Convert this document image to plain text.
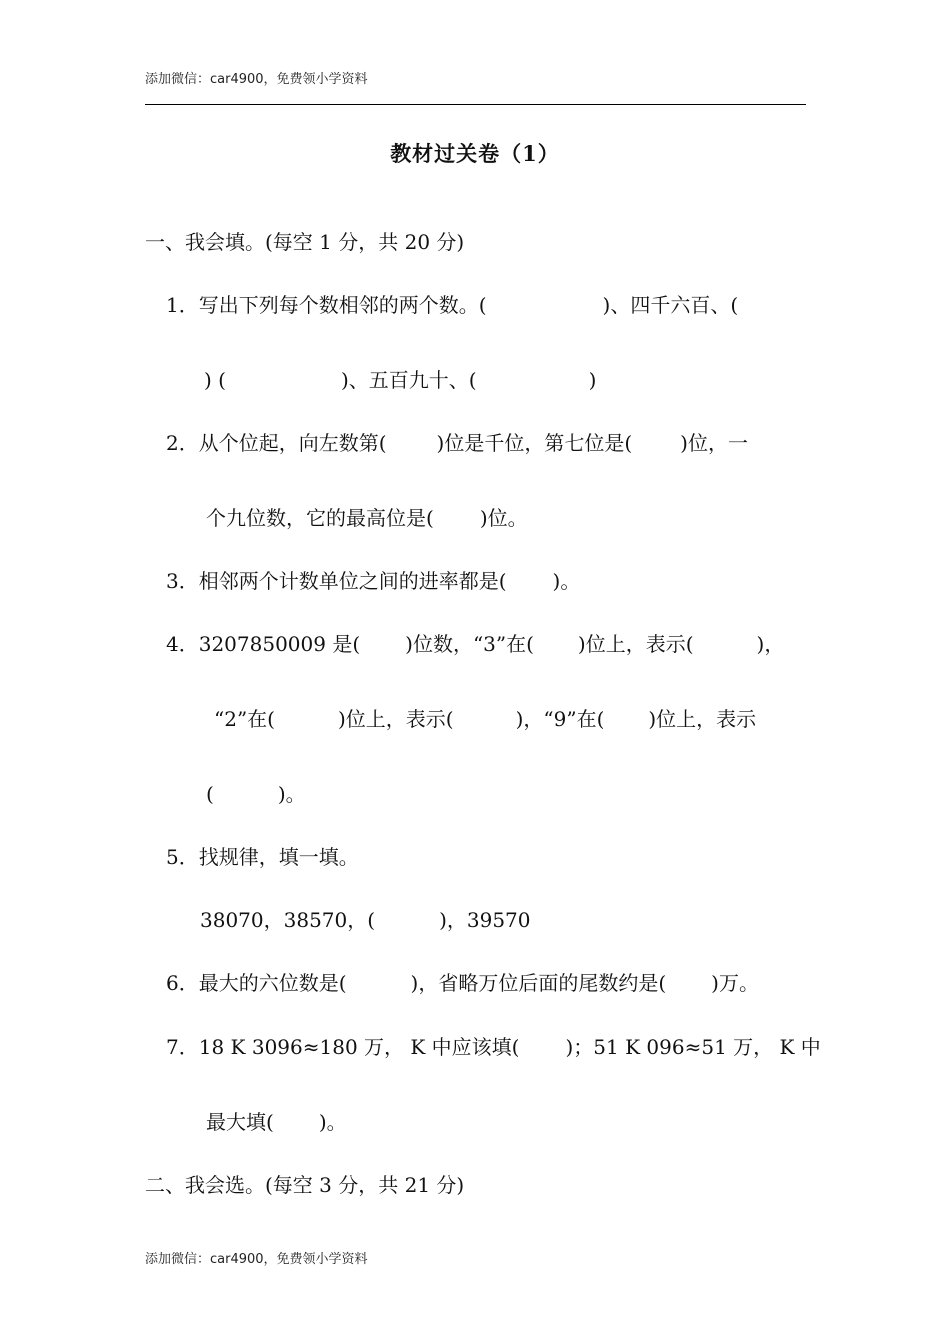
添加微信：car4900，免费领小学资料
教材过关卷（1）
一、我会填。(每空 1 分，共 20 分)
1．写出下列每个数相邻的两个数。(	)、四千六百、(
) (	)、五百九十、(	)
2．从个位起，向左数第(	)位是千位，第七位是( )位，一
个九位数，它的最高位是( )位。
3．相邻两个计数单位之间的进率都是( )。
4．3207850009 是( )位数，“3”在( )位上，表示(	)，
“2”在(	)位上，表示(	)，“9”在( )位上，表示
(	)。
5．找规律，填一填。
38070，38570，(	)，39570
6．最大的六位数是(	)，省略万位后面的尾数约是( )万。
7．18 K 3096≈180 万， K 中应该填( )；51 K 096≈51 万， K 中
最大填( )。
二、我会选。(每空 3 分，共 21 分)
添加微信：car4900，免费领小学资料
